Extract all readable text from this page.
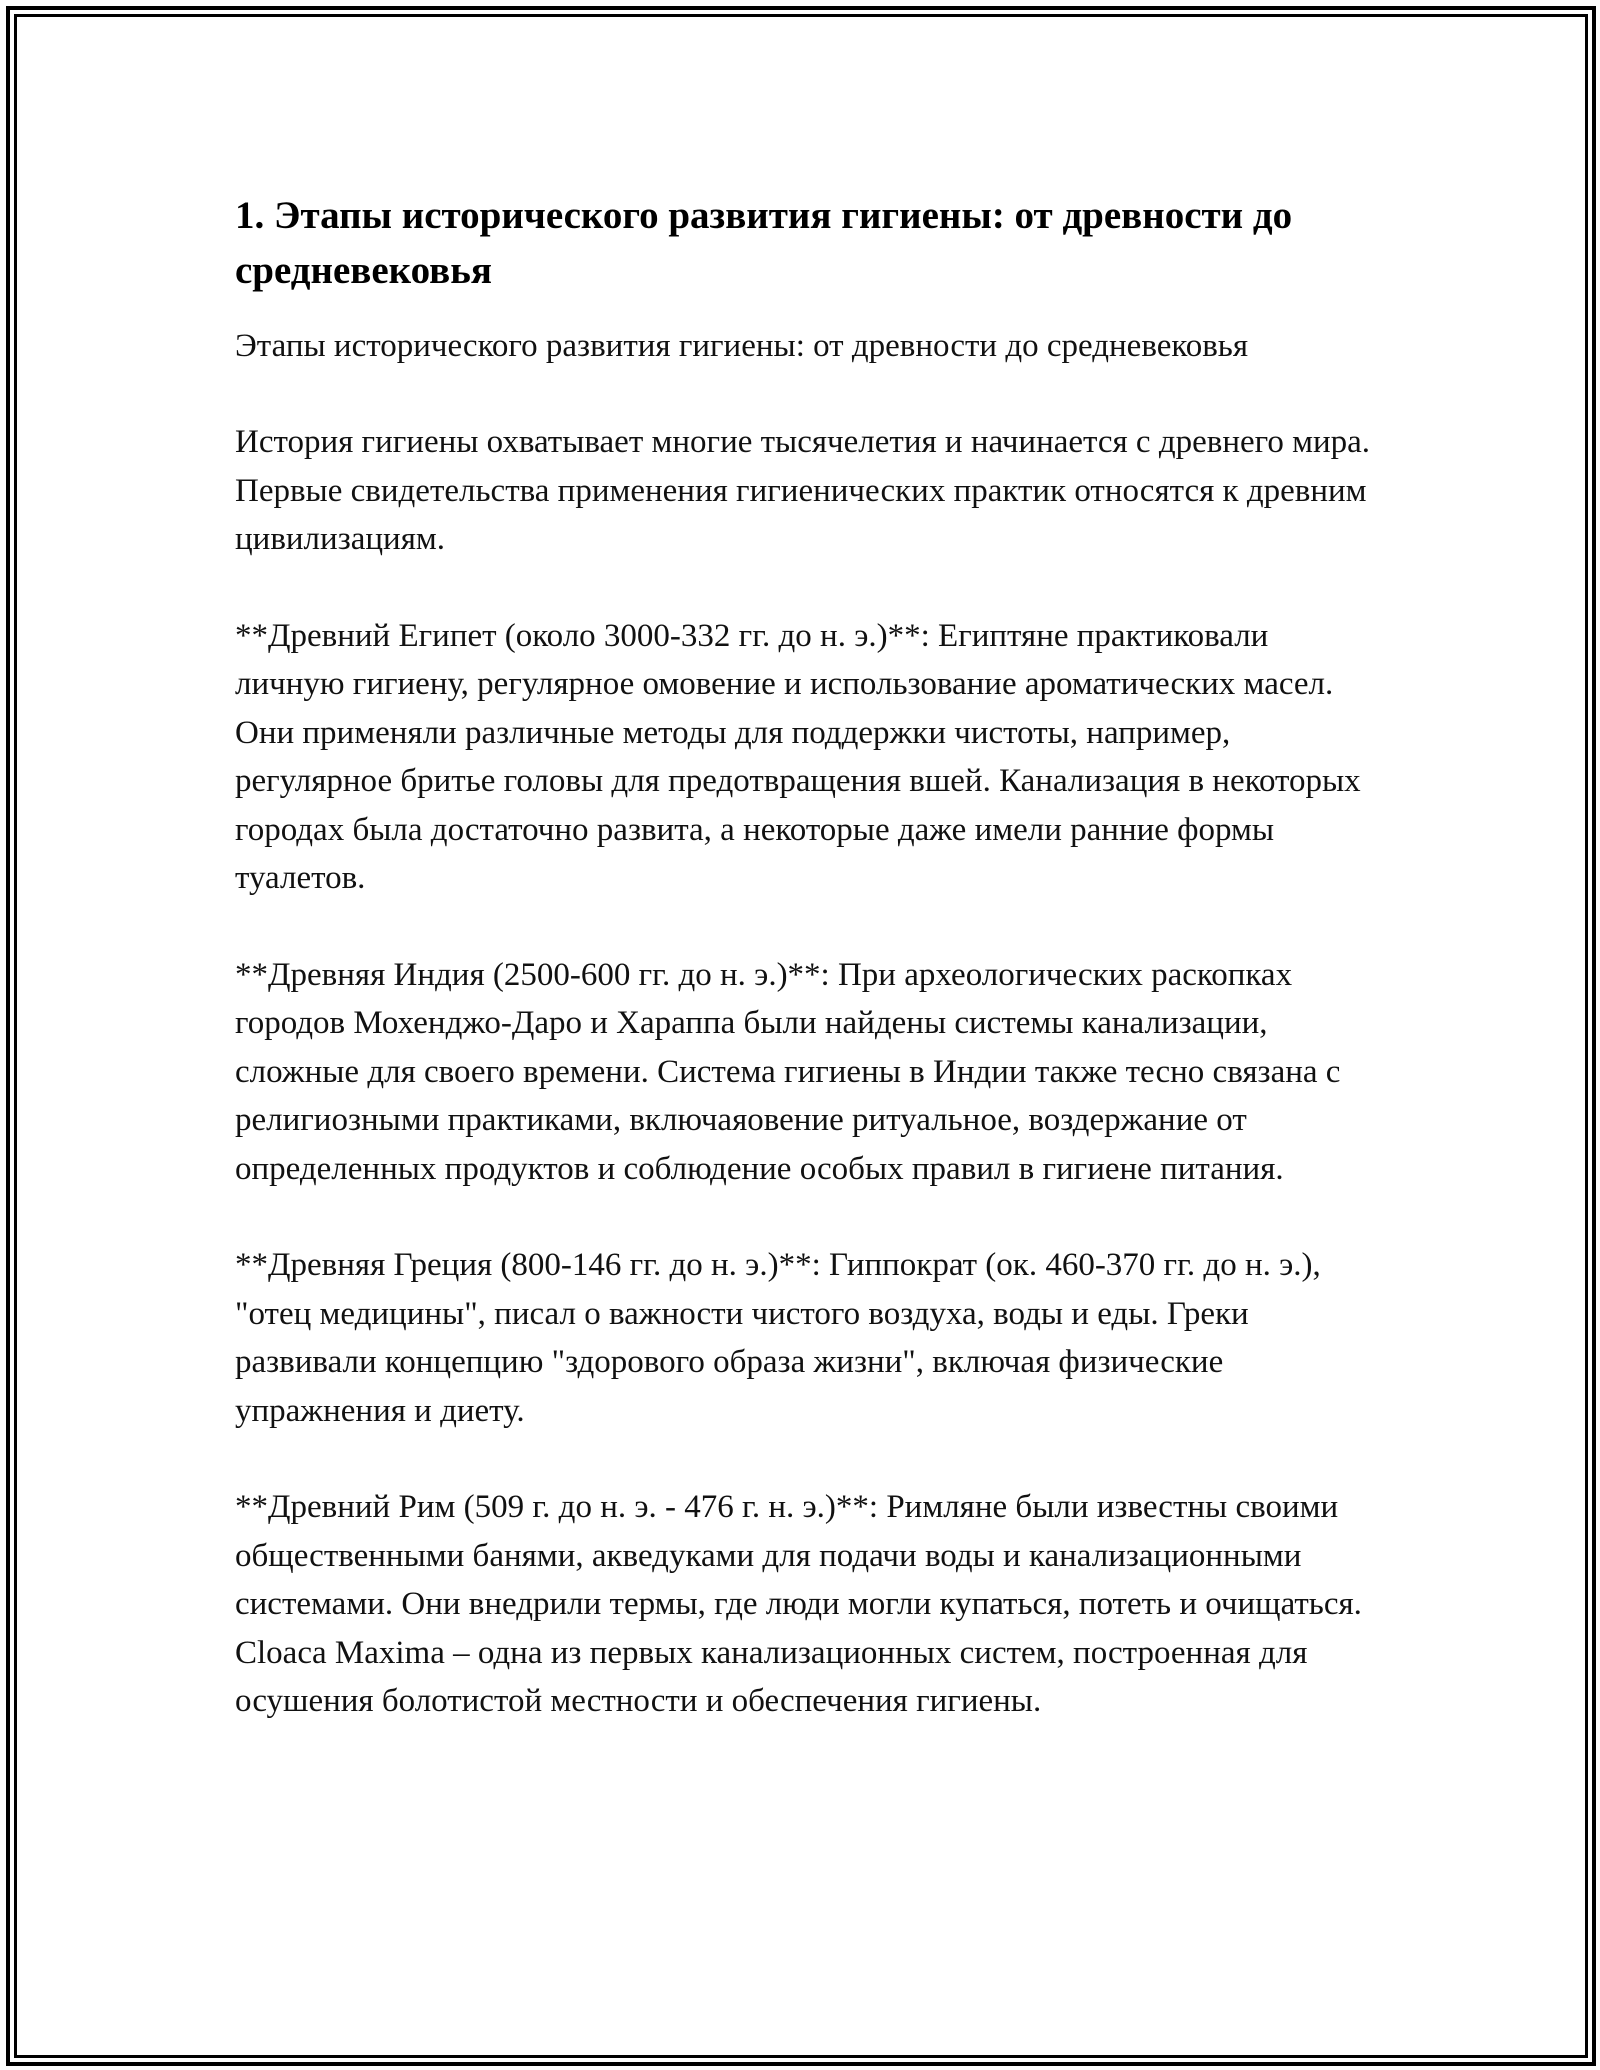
1. Этапы исторического развития гигиены: от древности до средневековья

Этапы исторического развития гигиены: от древности до средневековья

История гигиены охватывает многие тысячелетия и начинается с древнего мира. Первые свидетельства применения гигиенических практик относятся к древним цивилизациям.

**Древний Египет (около 3000-332 гг. до н. э.)**: Египтяне практиковали личную гигиену, регулярное омовение и использование ароматических масел. Они применяли различные методы для поддержки чистоты, например, регулярное бритье головы для предотвращения вшей. Канализация в некоторых городах была достаточно развита, а некоторые даже имели ранние формы туалетов.

**Древняя Индия (2500-600 гг. до н. э.)**: При археологических раскопках городов Мохенджо-Даро и Хараппа были найдены системы канализации, сложные для своего времени. Система гигиены в Индии также тесно связана с религиозными практиками, включаяовение ритуальное, воздержание от определенных продуктов и соблюдение особых правил в гигиене питания.

**Древняя Греция (800-146 гг. до н. э.)**: Гиппократ (ок. 460-370 гг. до н. э.), "отец медицины", писал о важности чистого воздуха, воды и еды. Греки развивали концепцию "здорового образа жизни", включая физические упражнения и диету.

**Древний Рим (509 г. до н. э. - 476 г. н. э.)**: Римляне были известны своими общественными банями, акведуками для подачи воды и канализационными системами. Они внедрили термы, где люди могли купаться, потеть и очищаться. Cloaca Maxima – одна из первых канализационных систем, построенная для осушения болотистой местности и обеспечения гигиены.
